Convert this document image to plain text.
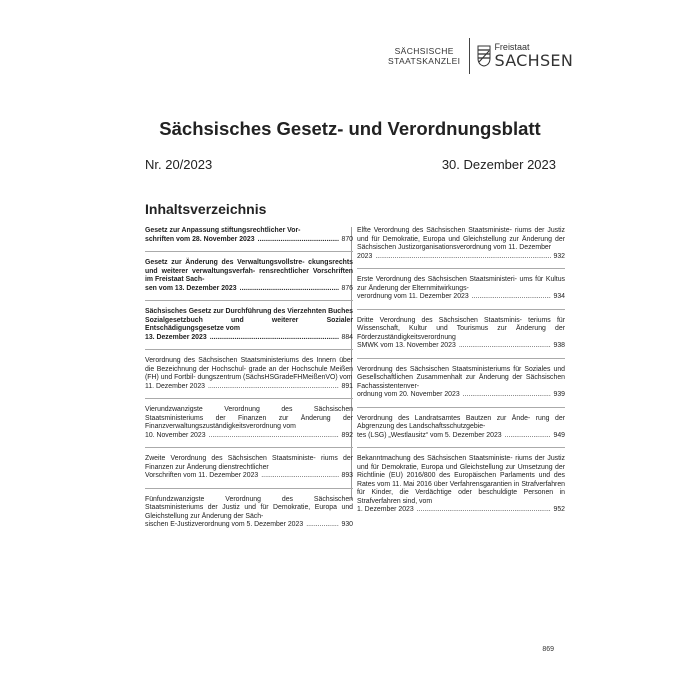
SÄCHSISCHE
STAATSKANZLEI
Freistaat
SACHSEN
Sächsisches Gesetz- und Verordnungsblatt
Nr. 20/2023	30. Dezember 2023
Inhaltsverzeichnis
Gesetz zur Anpassung stiftungsrechtlicher Vor-
schriften vom 28. November 2023 .....	870
Gesetz zur Änderung des Verwaltungsvollstre- ckungsrechts und weiterer verwaltungsverfah- rensrechtlicher Vorschriften im Freistaat Sach-
sen vom 13. Dezember 2023 .....	876
Sächsisches Gesetz zur Durchführung des Vierzehnten Buches Sozialgesetzbuch und weiterer Sozialer Entschädigungsgesetze vom
13. Dezember 2023 .....	884
Verordnung des Sächsischen Staatsministeriums des Innern über die Bezeichnung der Hochschul- grade an der Hochschule Meißen (FH) und Fortbil- dungszentrum (SächsHSGradeFHMeißenVO) vom
11. Dezember 2023 .....	891
Vierundzwanzigste Verordnung des Sächsischen Staatsministeriums der Finanzen zur Änderung der Finanzverwaltungszuständigkeitsverordnung vom
10. November 2023 .....	892
Zweite Verordnung des Sächsischen Staatsministe- riums der Finanzen zur Änderung dienstrechtlicher
Vorschriften vom 11. Dezember 2023 .....	893
Fünfundzwanzigste Verordnung des Sächsischen Staatsministeriums der Justiz und für Demokratie, Europa und Gleichstellung zur Änderung der Säch-
sischen E-Justizverordnung vom 5. Dezember 2023 .....	930
Elfte Verordnung des Sächsischen Staatsministe- riums der Justiz und für Demokratie, Europa und Gleichstellung zur Änderung der Sächsischen Justizorganisationsverordnung vom 11. Dezember
2023 .....	932
Erste Verordnung des Sächsischen Staatsministeri- ums für Kultus zur Änderung der Elternmitwirkungs-
verordnung vom 11. Dezember 2023 .....	934
Dritte Verordnung des Sächsischen Staatsminis- teriums für Wissenschaft, Kultur und Tourismus zur Änderung der Förderzuständigkeitsverordnung
SMWK vom 13. November 2023 .....	938
Verordnung des Sächsischen Staatsministeriums für Soziales und Gesellschaftlichen Zusammenhalt zur Änderung der Sächsischen Fachassistentenver-
ordnung vom 20. November 2023 .....	939
Verordnung des Landratsamtes Bautzen zur Ände- rung der Abgrenzung des Landschaftsschutzgebie-
tes (LSG) „Westlausitz“ vom 5. Dezember 2023 .....	949
Bekanntmachung des Sächsischen Staatsministe- riums der Justiz und für Demokratie, Europa und Gleichstellung zur Umsetzung der Richtlinie (EU) 2016/800 des Europäischen Parlaments und des Rates vom 11. Mai 2016 über Verfahrensgarantien in Strafverfahren für Kinder, die Verdächtige oder beschuldigte Personen in Strafverfahren sind, vom
1. Dezember 2023 .....	952
869
